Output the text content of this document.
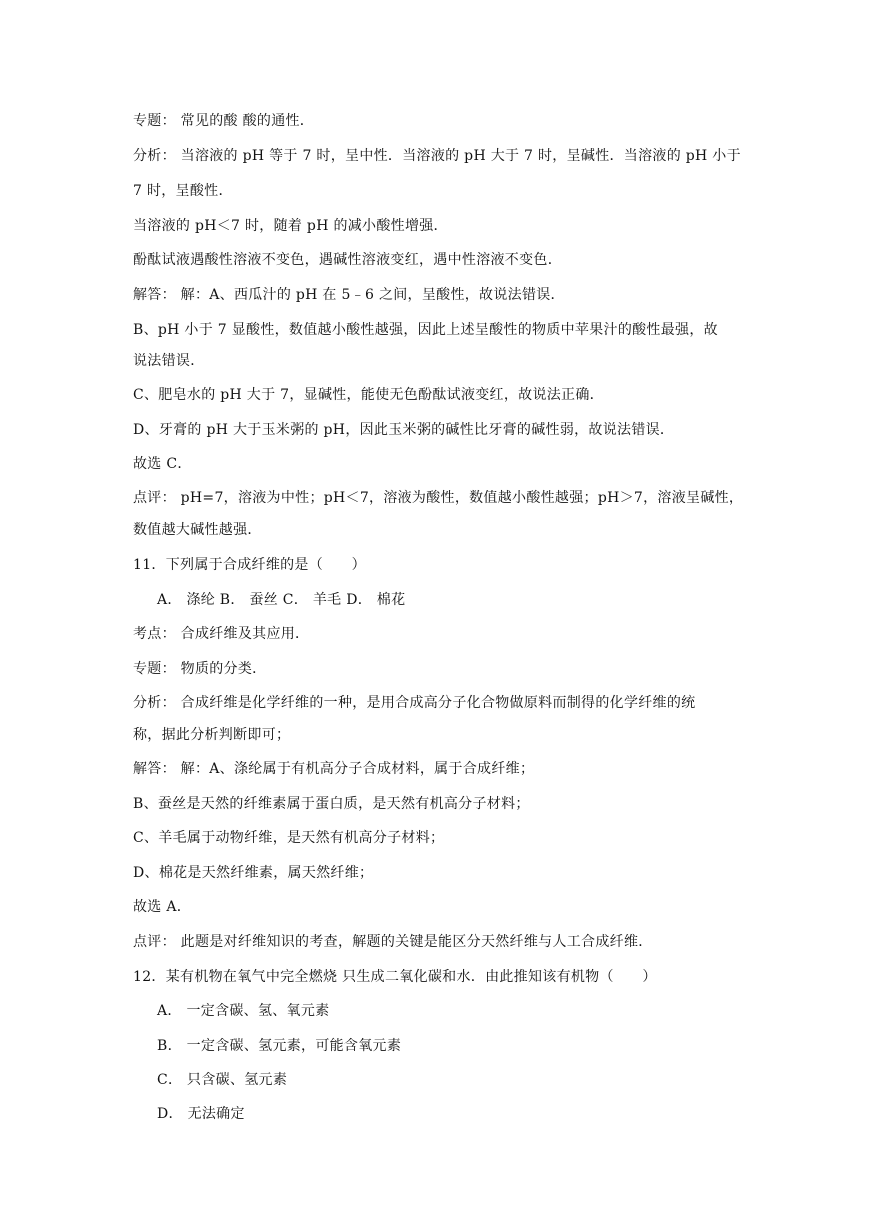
专题： 常见的酸 酸的通性．
分析： 当溶液的 pH 等于 7 时，呈中性．当溶液的 pH 大于 7 时，呈碱性．当溶液的 pH 小于
7 时，呈酸性．
当溶液的 pH＜7 时，随着 pH 的减小酸性增强．
酚酞试液遇酸性溶液不变色，遇碱性溶液变红，遇中性溶液不变色．
解答： 解：A、西瓜汁的 pH 在 5﹣6 之间，呈酸性，故说法错误．
B、pH 小于 7 显酸性，数值越小酸性越强，因此上述呈酸性的物质中苹果汁的酸性最强，故
说法错误．
C、肥皂水的 pH 大于 7，显碱性，能使无色酚酞试液变红，故说法正确．
D、牙膏的 pH 大于玉米粥的 pH，因此玉米粥的碱性比牙膏的碱性弱，故说法错误．
故选 C．
点评： pH=7，溶液为中性；pH＜7，溶液为酸性，数值越小酸性越强；pH＞7，溶液呈碱性，
数值越大碱性越强．
11．下列属于合成纤维的是（　　）
A． 涤纶 B． 蚕丝 C． 羊毛 D． 棉花
考点： 合成纤维及其应用．
专题： 物质的分类．
分析： 合成纤维是化学纤维的一种，是用合成高分子化合物做原料而制得的化学纤维的统
称，据此分析判断即可；
解答： 解：A、涤纶属于有机高分子合成材料，属于合成纤维；
B、蚕丝是天然的纤维素属于蛋白质，是天然有机高分子材料；
C、羊毛属于动物纤维，是天然有机高分子材料；
D、棉花是天然纤维素，属天然纤维；
故选 A．
点评： 此题是对纤维知识的考查，解题的关键是能区分天然纤维与人工合成纤维．
12．某有机物在氧气中完全燃烧 只生成二氧化碳和水．由此推知该有机物（　　）
A． 一定含碳、氢、氧元素
B． 一定含碳、氢元素，可能含氧元素
C． 只含碳、氢元素
D． 无法确定
